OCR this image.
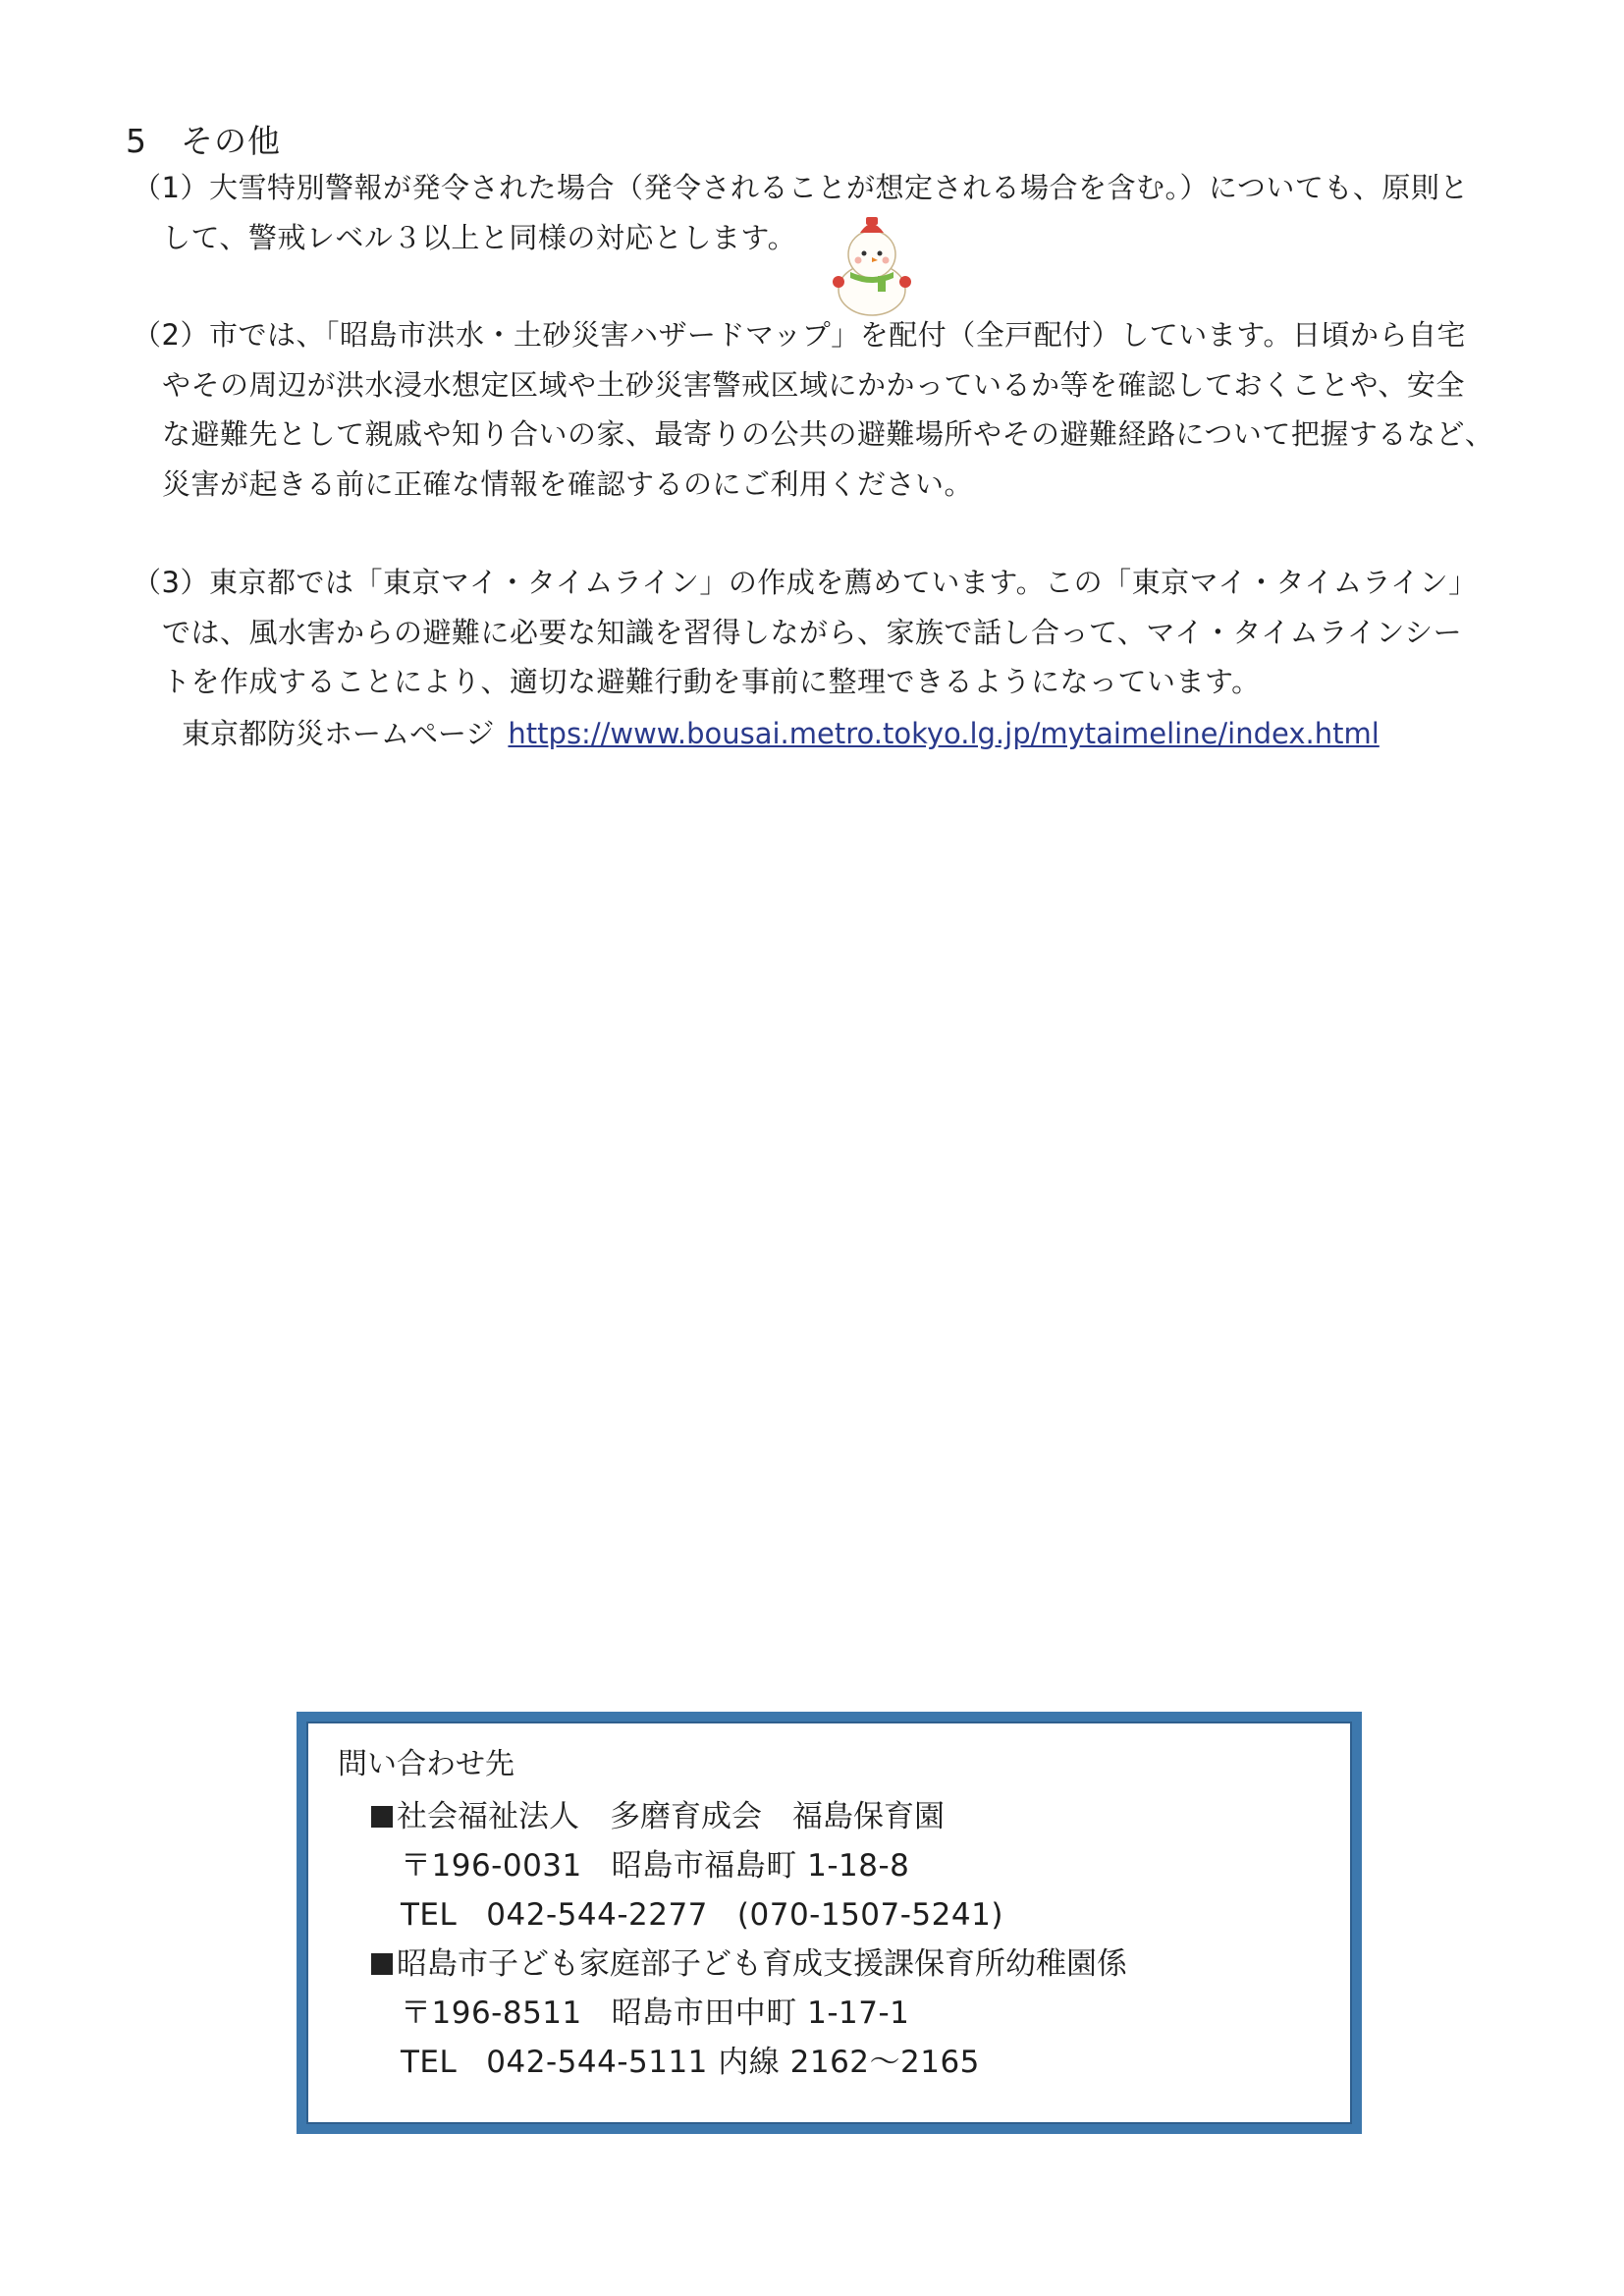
5　その他
（1）大雪特別警報が発令された場合（発令されることが想定される場合を含む。）についても、原則と
して、警戒レベル３以上と同様の対応とします。
（2）市では、「昭島市洪水・土砂災害ハザードマップ」を配付（全戸配付）しています。日頃から自宅
やその周辺が洪水浸水想定区域や土砂災害警戒区域にかかっているか等を確認しておくことや、安全
な避難先として親戚や知り合いの家、最寄りの公共の避難場所やその避難経路について把握するなど、
災害が起きる前に正確な情報を確認するのにご利用ください。
（3）東京都では「東京マイ・タイムライン」の作成を薦めています。この「東京マイ・タイムライン」
では、風水害からの避難に必要な知識を習得しながら、家族で話し合って、マイ・タイムラインシー
トを作成することにより、適切な避難行動を事前に整理できるようになっています。
東京都防災ホームページ https://www.bousai.metro.tokyo.lg.jp/mytaimeline/index.html
問い合わせ先
社会福祉法人　多磨育成会　福島保育園
〒196-0031 昭島市福島町 1-18-8
TEL 042-544-2277 (070-1507-5241)
昭島市子ども家庭部子ども育成支援課保育所幼稚園係
〒196-8511 昭島市田中町 1-17-1
TEL 042-544-5111 内線 2162～2165
